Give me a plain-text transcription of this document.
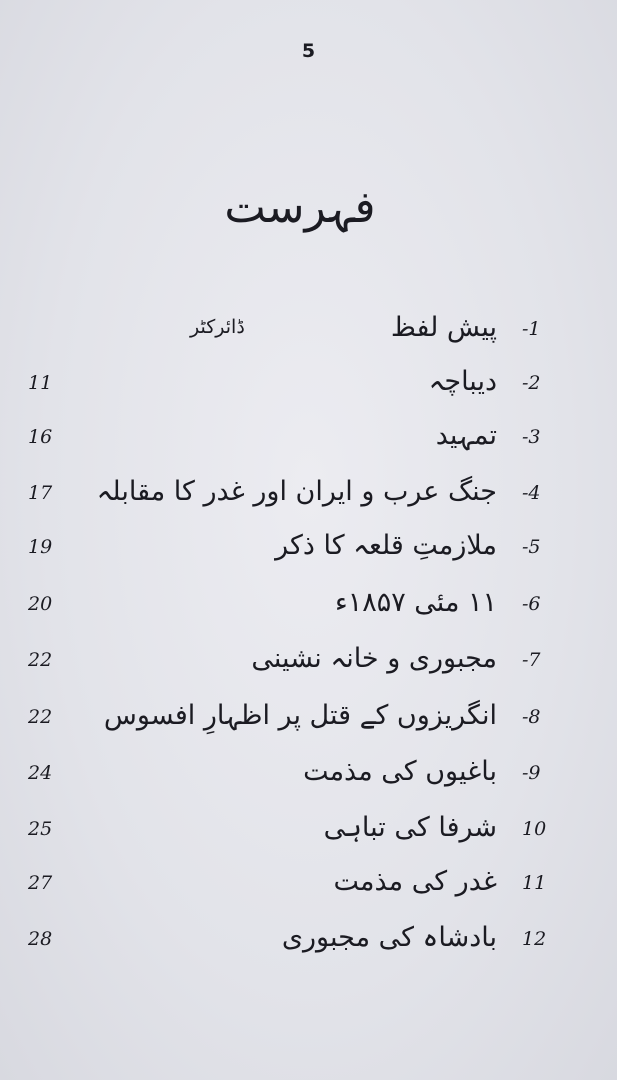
5
فہرست
-1
پیش لفظ
ڈائرکٹر
-2
دیباچہ
11
-3
تمہید
16
-4
جنگ عرب و ایران اور غدر کا مقابلہ
17
-5
ملازمتِ قلعہ کا ذکر
19
-6
۱۱ مئی ۱۸۵۷ء
20
-7
مجبوری و خانہ نشینی
22
-8
انگریزوں کے قتل پر اظہارِ افسوس
22
-9
باغیوں کی مذمت
24
10
شرفا کی تباہی
25
11
غدر کی مذمت
27
12
بادشاہ کی مجبوری
28
